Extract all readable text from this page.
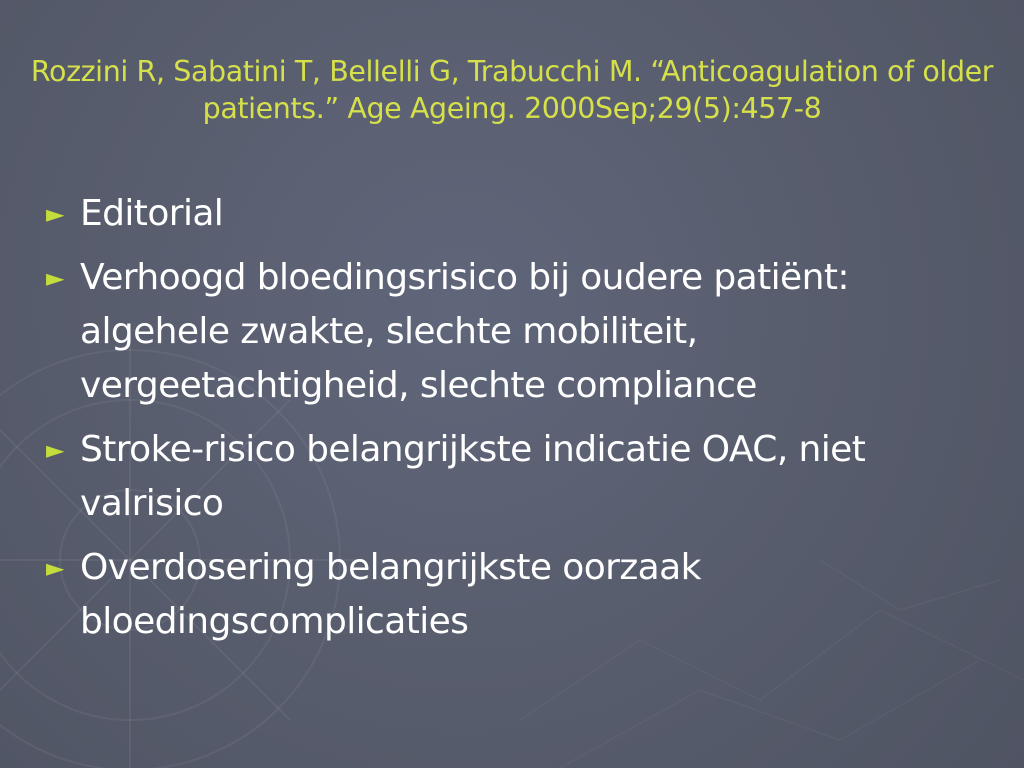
Rozzini R, Sabatini T, Bellelli G, Trabucchi M. “Anticoagulation of older patients.” Age Ageing. 2000Sep;29(5):457-8
► Editorial
► Verhoogd bloedingsrisico bij oudere patiënt: algehele zwakte, slechte mobiliteit, vergeetachtigheid, slechte compliance
► Stroke-risico belangrijkste indicatie OAC, niet valrisico
► Overdosering belangrijkste oorzaak bloedingscomplicaties
